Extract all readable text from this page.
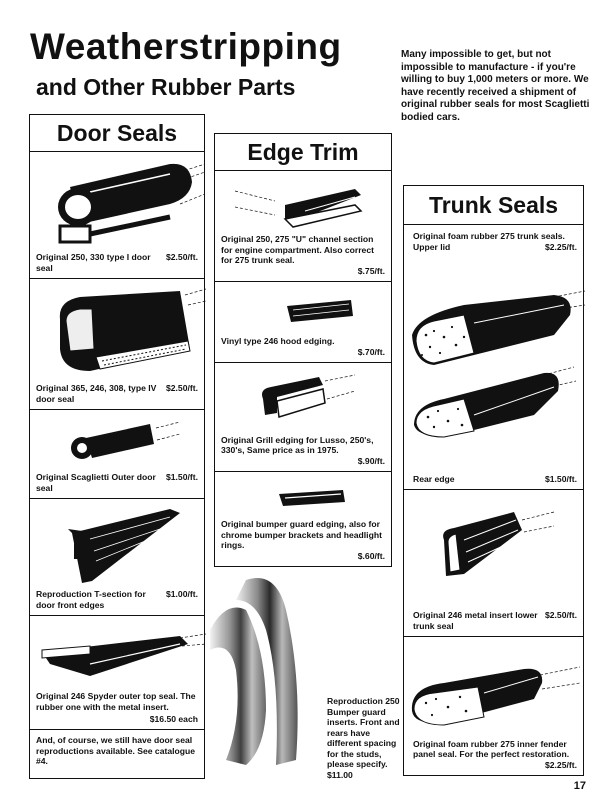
Weatherstripping
and Other Rubber Parts
Many impossible to get, but not impossible to manufacture - if you're willing to buy 1,000 meters or more. We have recently received a shipment of original rubber seals for most Scaglietti bodied cars.
Door Seals
$2.50/ft.
Original 250, 330 type I door seal
$2.50/ft.
Original 365, 246, 308, type IV door seal
$1.50/ft.
Original Scaglietti Outer door seal
$1.00/ft.
Reproduction T-section for door front edges
$16.50 each
Original 246 Spyder outer top seal. The rubber one with the metal insert.
And, of course, we still have door seal reproductions available. See catalogue #4.
Edge Trim
Original 250, 275 "U" channel section for engine compartment. Also correct for 275 trunk seal.

$.75/ft.
Vinyl type 246 hood edging.

$.70/ft.
Original Grill edging for Lusso, 250's, 330's, Same price as in 1975.

$.90/ft.
Original bumper guard edging, also for chrome bumper brackets and headlight rings.

$.60/ft.
Reproduction 250 Bumper guard inserts. Front and rears have different spacing for the studs, please specify. $11.00
Trunk Seals
Original foam rubber 275 trunk seals. Upper lid	$2.25/ft.
$1.50/ft.
Rear edge
$2.50/ft.
Original 246 metal insert lower trunk seal
Original foam rubber 275 inner fender panel seal. For the perfect restoration.

$2.25/ft.
17
